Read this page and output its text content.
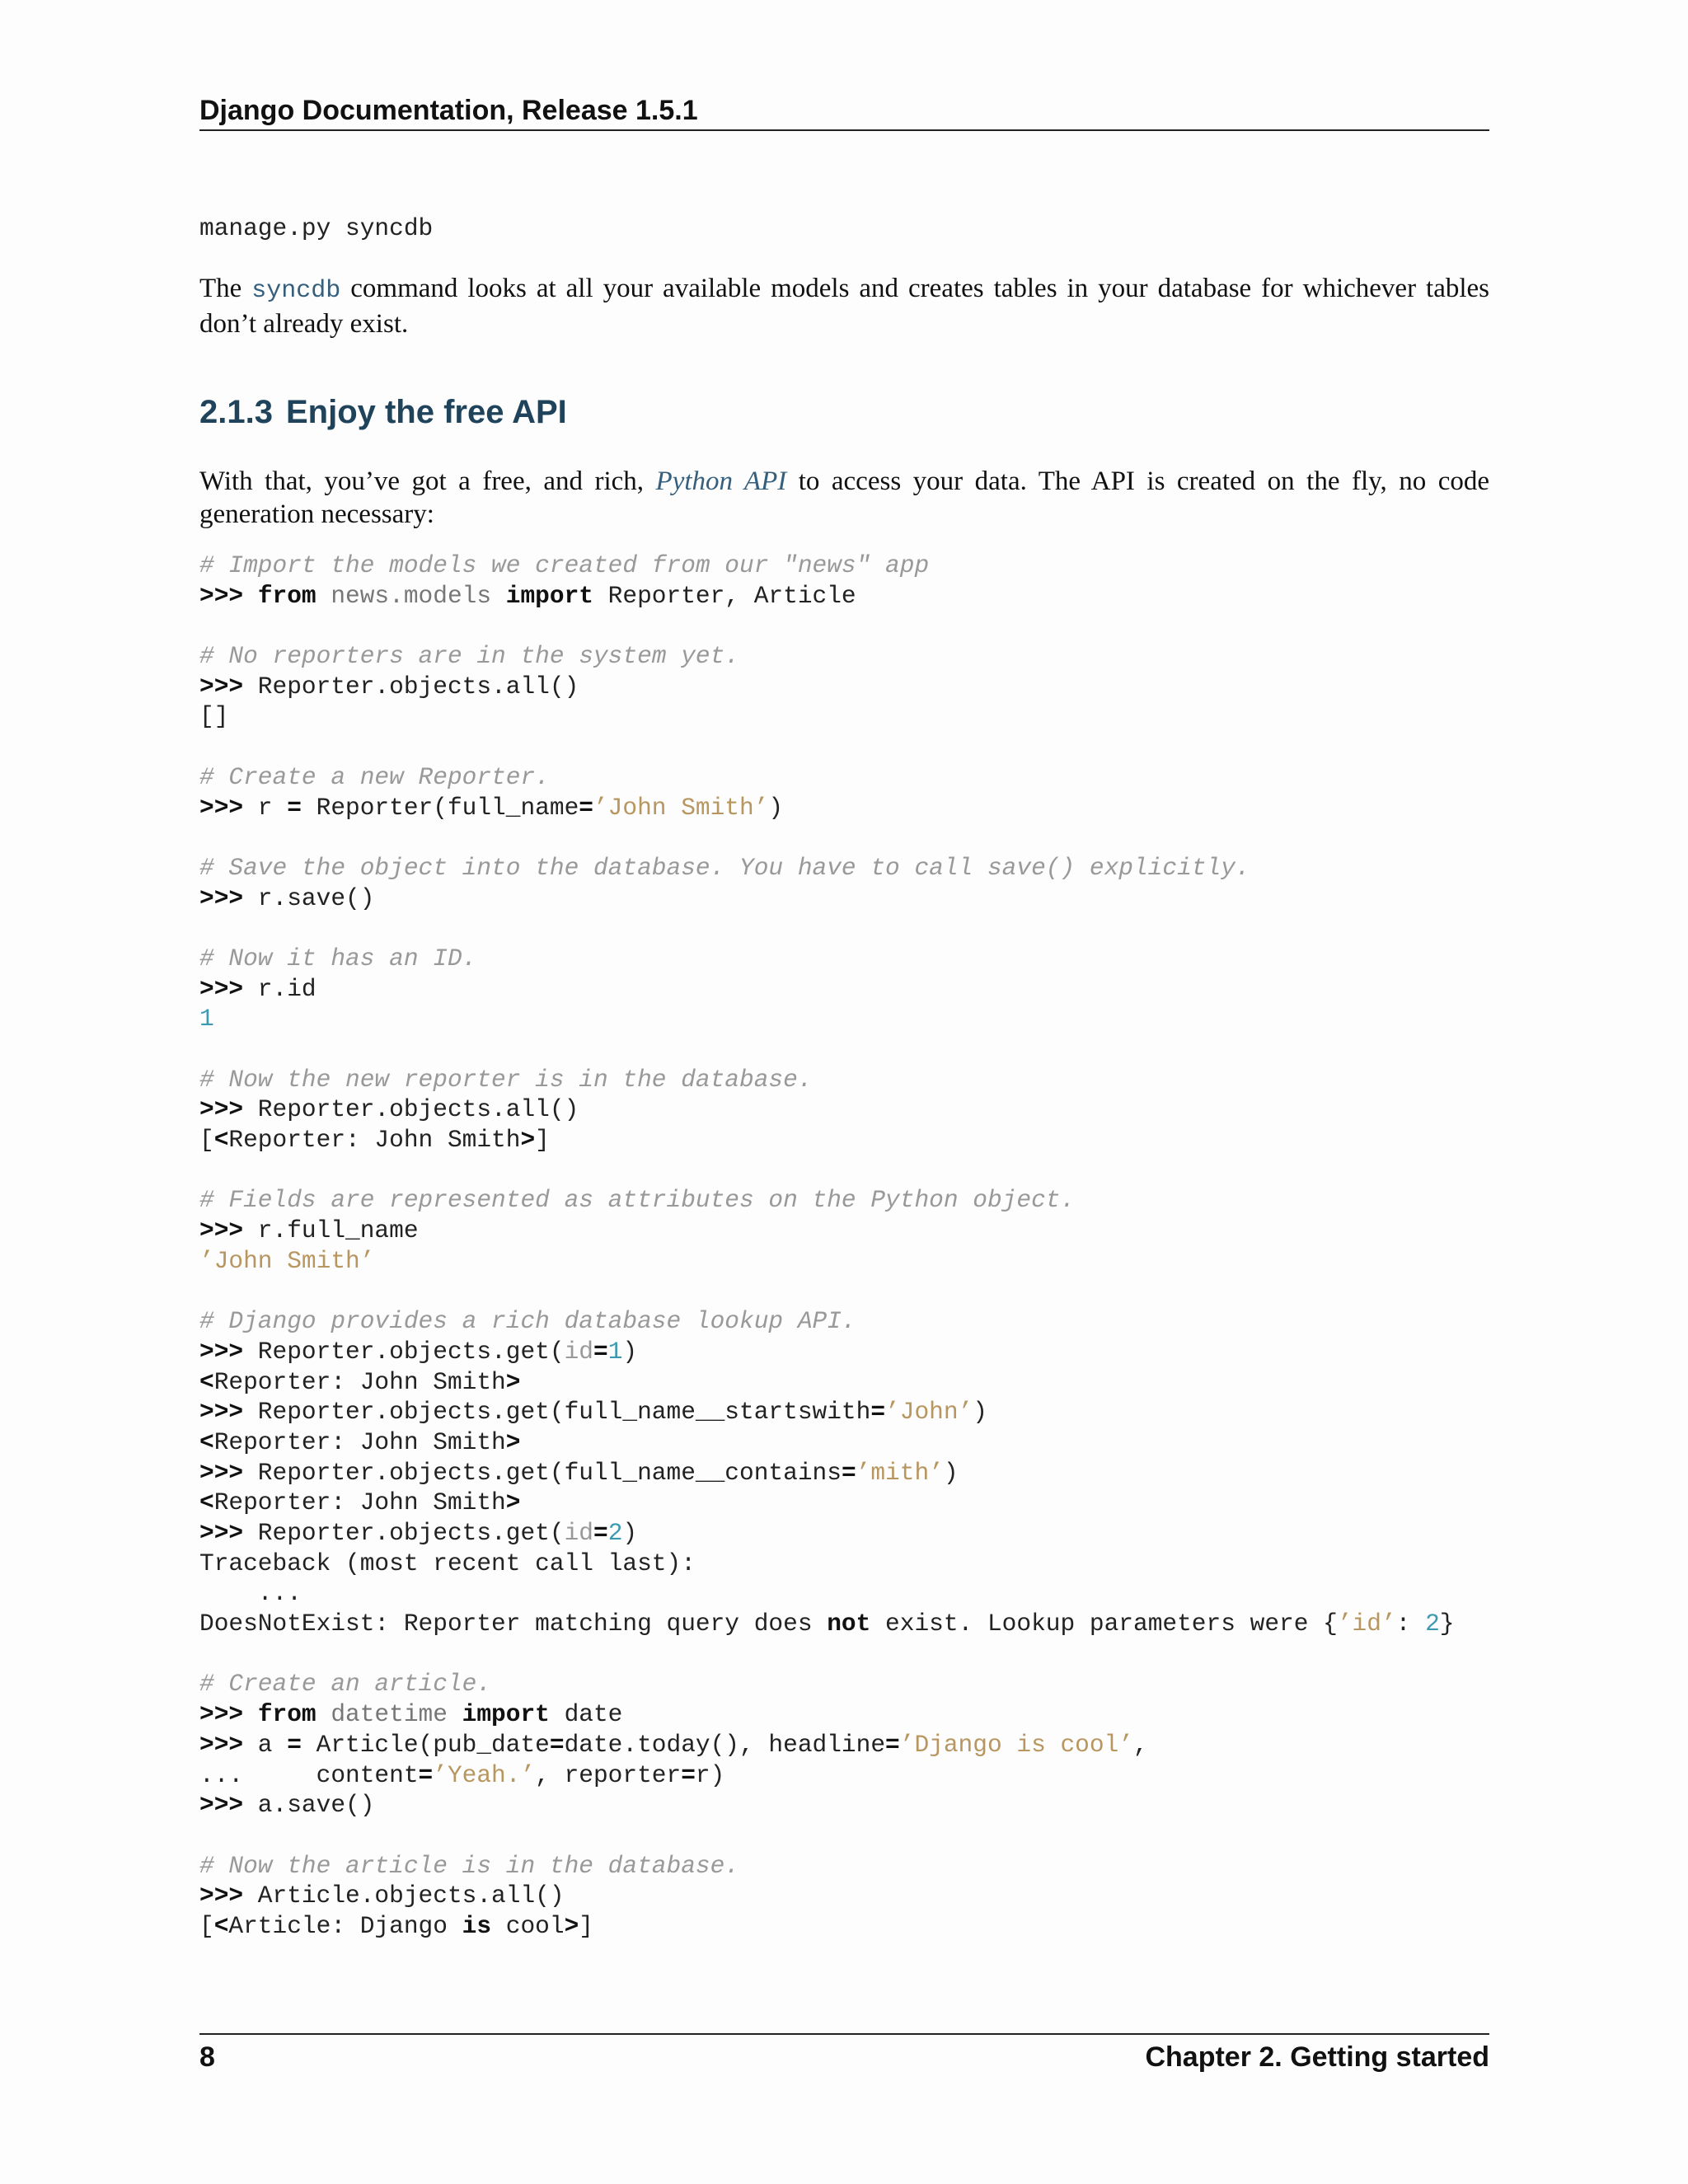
Django Documentation, Release 1.5.1
manage.py syncdb
The syncdb command looks at all your available models and creates tables in your database for whichever tables don’t already exist.
2.1.3 Enjoy the free API
With that, you’ve got a free, and rich, Python API to access your data. The API is created on the fly, no code generation necessary:
# Import the models we created from our "news" app
>>> from news.models import Reporter, Article
# No reporters are in the system yet.
>>> Reporter.objects.all()
[]
# Create a new Reporter.
>>> r = Reporter(full_name=’John Smith’)
# Save the object into the database. You have to call save() explicitly.
>>> r.save()
# Now it has an ID.
>>> r.id
1
# Now the new reporter is in the database.
>>> Reporter.objects.all()
[<Reporter: John Smith>]
# Fields are represented as attributes on the Python object.
>>> r.full_name
’John Smith’
# Django provides a rich database lookup API.
>>> Reporter.objects.get(id=1)
<Reporter: John Smith>
>>> Reporter.objects.get(full_name__startswith=’John’)
<Reporter: John Smith>
>>> Reporter.objects.get(full_name__contains=’mith’)
<Reporter: John Smith>
>>> Reporter.objects.get(id=2)
Traceback (most recent call last):
...
DoesNotExist: Reporter matching query does not exist. Lookup parameters were {’id’: 2}
# Create an article.
>>> from datetime import date
>>> a = Article(pub_date=date.today(), headline=’Django is cool’,
...     content=’Yeah.’, reporter=r)
>>> a.save()
# Now the article is in the database.
>>> Article.objects.all()
[<Article: Django is cool>]
8	Chapter 2. Getting started
